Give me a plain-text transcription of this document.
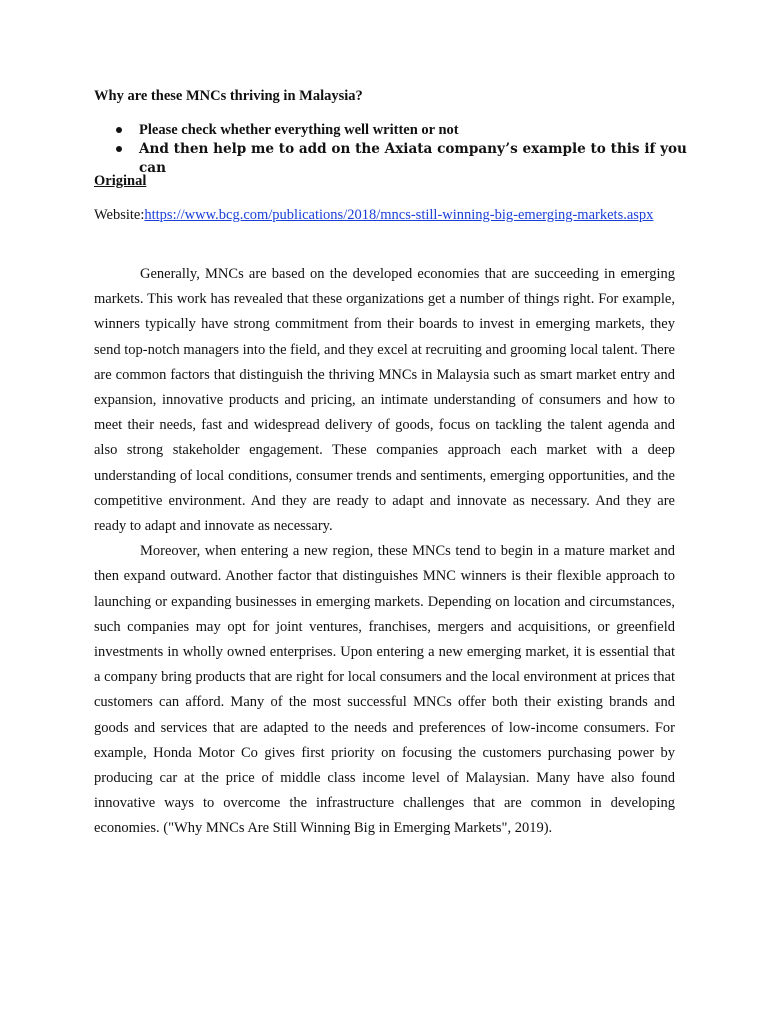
Why are these MNCs thriving in Malaysia?
Please check whether everything well written or not
And then help me to add on the Axiata company’s example to this if you can
Original
Website:https://www.bcg.com/publications/2018/mncs-still-winning-big-emerging-markets.aspx

Generally, MNCs are based on the developed economies that are succeeding in emerging markets. This work has revealed that these organizations get a number of things right. For example, winners typically have strong commitment from their boards to invest in emerging markets, they send top-notch managers into the field, and they excel at recruiting and grooming local talent. There are common factors that distinguish the thriving MNCs in Malaysia such as smart market entry and expansion, innovative products and pricing, an intimate understanding of consumers and how to meet their needs, fast and widespread delivery of goods, focus on tackling the talent agenda and also strong stakeholder engagement. These companies approach each market with a deep understanding of local conditions, consumer trends and sentiments, emerging opportunities, and the competitive environment. And they are ready to adapt and innovate as necessary. And they are ready to adapt and innovate as necessary.

Moreover, when entering a new region, these MNCs tend to begin in a mature market and then expand outward. Another factor that distinguishes MNC winners is their flexible approach to launching or expanding businesses in emerging markets. Depending on location and circumstances, such companies may opt for joint ventures, franchises, mergers and acquisitions, or greenfield investments in wholly owned enterprises. Upon entering a new emerging market, it is essential that a company bring products that are right for local consumers and the local environment at prices that customers can afford. Many of the most successful MNCs offer both their existing brands and goods and services that are adapted to the needs and preferences of low-income consumers. For example, Honda Motor Co gives first priority on focusing the customers purchasing power by producing car at the price of middle class income level of Malaysian. Many have also found innovative ways to overcome the infrastructure challenges that are common in developing economies. ("Why MNCs Are Still Winning Big in Emerging Markets", 2019).
